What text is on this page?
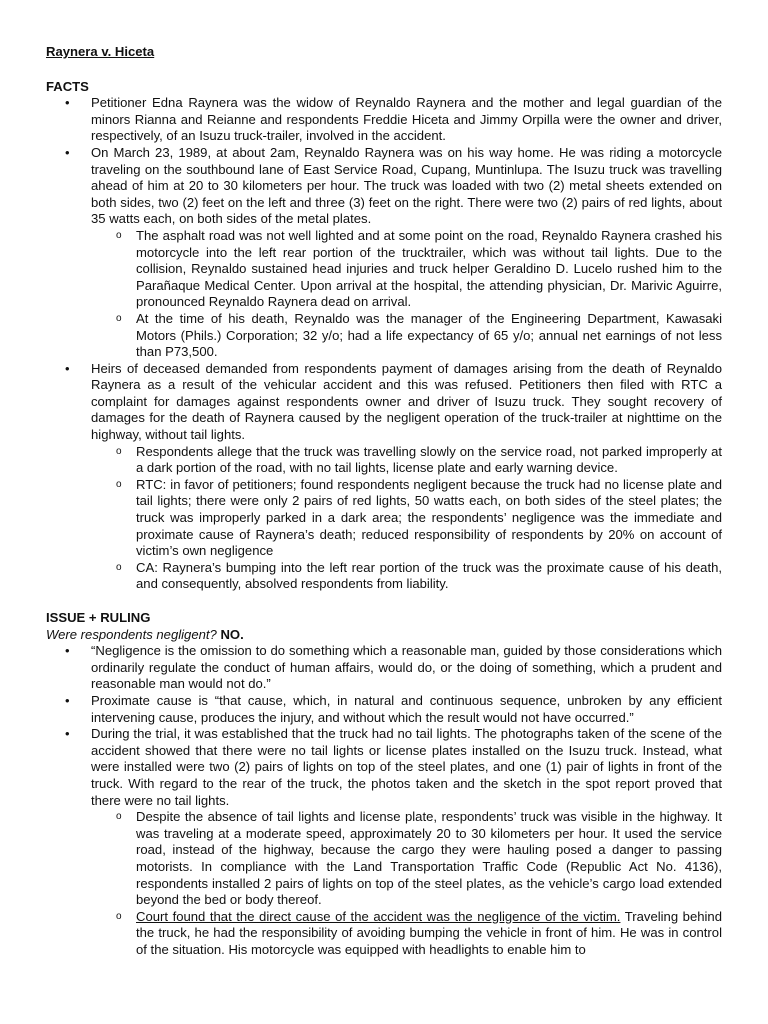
Raynera v. Hiceta
FACTS
• Petitioner Edna Raynera was the widow of Reynaldo Raynera and the mother and legal guardian of the minors Rianna and Reianne and respondents Freddie Hiceta and Jimmy Orpilla were the owner and driver, respectively, of an Isuzu truck-trailer, involved in the accident.
• On March 23, 1989, at about 2am, Reynaldo Raynera was on his way home. He was riding a motorcycle traveling on the southbound lane of East Service Road, Cupang, Muntinlupa. The Isuzu truck was travelling ahead of him at 20 to 30 kilometers per hour. The truck was loaded with two (2) metal sheets extended on both sides, two (2) feet on the left and three (3) feet on the right. There were two (2) pairs of red lights, about 35 watts each, on both sides of the metal plates.
o The asphalt road was not well lighted and at some point on the road, Reynaldo Raynera crashed his motorcycle into the left rear portion of the trucktrailer, which was without tail lights. Due to the collision, Reynaldo sustained head injuries and truck helper Geraldino D. Lucelo rushed him to the Parañaque Medical Center. Upon arrival at the hospital, the attending physician, Dr. Marivic Aguirre, pronounced Reynaldo Raynera dead on arrival.
o At the time of his death, Reynaldo was the manager of the Engineering Department, Kawasaki Motors (Phils.) Corporation; 32 y/o; had a life expectancy of 65 y/o; annual net earnings of not less than P73,500.
• Heirs of deceased demanded from respondents payment of damages arising from the death of Reynaldo Raynera as a result of the vehicular accident and this was refused. Petitioners then filed with RTC a complaint for damages against respondents owner and driver of Isuzu truck. They sought recovery of damages for the death of Raynera caused by the negligent operation of the truck-trailer at nighttime on the highway, without tail lights.
o Respondents allege that the truck was travelling slowly on the service road, not parked improperly at a dark portion of the road, with no tail lights, license plate and early warning device.
o RTC: in favor of petitioners; found respondents negligent because the truck had no license plate and tail lights; there were only 2 pairs of red lights, 50 watts each, on both sides of the steel plates; the truck was improperly parked in a dark area; the respondents’ negligence was the immediate and proximate cause of Raynera’s death; reduced responsibility of respondents by 20% on account of victim’s own negligence
o CA: Raynera’s bumping into the left rear portion of the truck was the proximate cause of his death, and consequently, absolved respondents from liability.
ISSUE + RULING
Were respondents negligent? NO.
• “Negligence is the omission to do something which a reasonable man, guided by those considerations which ordinarily regulate the conduct of human affairs, would do, or the doing of something, which a prudent and reasonable man would not do.”
• Proximate cause is “that cause, which, in natural and continuous sequence, unbroken by any efficient intervening cause, produces the injury, and without which the result would not have occurred.”
• During the trial, it was established that the truck had no tail lights. The photographs taken of the scene of the accident showed that there were no tail lights or license plates installed on the Isuzu truck. Instead, what were installed were two (2) pairs of lights on top of the steel plates, and one (1) pair of lights in front of the truck. With regard to the rear of the truck, the photos taken and the sketch in the spot report proved that there were no tail lights.
o Despite the absence of tail lights and license plate, respondents’ truck was visible in the highway. It was traveling at a moderate speed, approximately 20 to 30 kilometers per hour. It used the service road, instead of the highway, because the cargo they were hauling posed a danger to passing motorists. In compliance with the Land Transportation Traffic Code (Republic Act No. 4136), respondents installed 2 pairs of lights on top of the steel plates, as the vehicle’s cargo load extended beyond the bed or body thereof.
o Court found that the direct cause of the accident was the negligence of the victim. Traveling behind the truck, he had the responsibility of avoiding bumping the vehicle in front of him. He was in control of the situation. His motorcycle was equipped with headlights to enable him to
